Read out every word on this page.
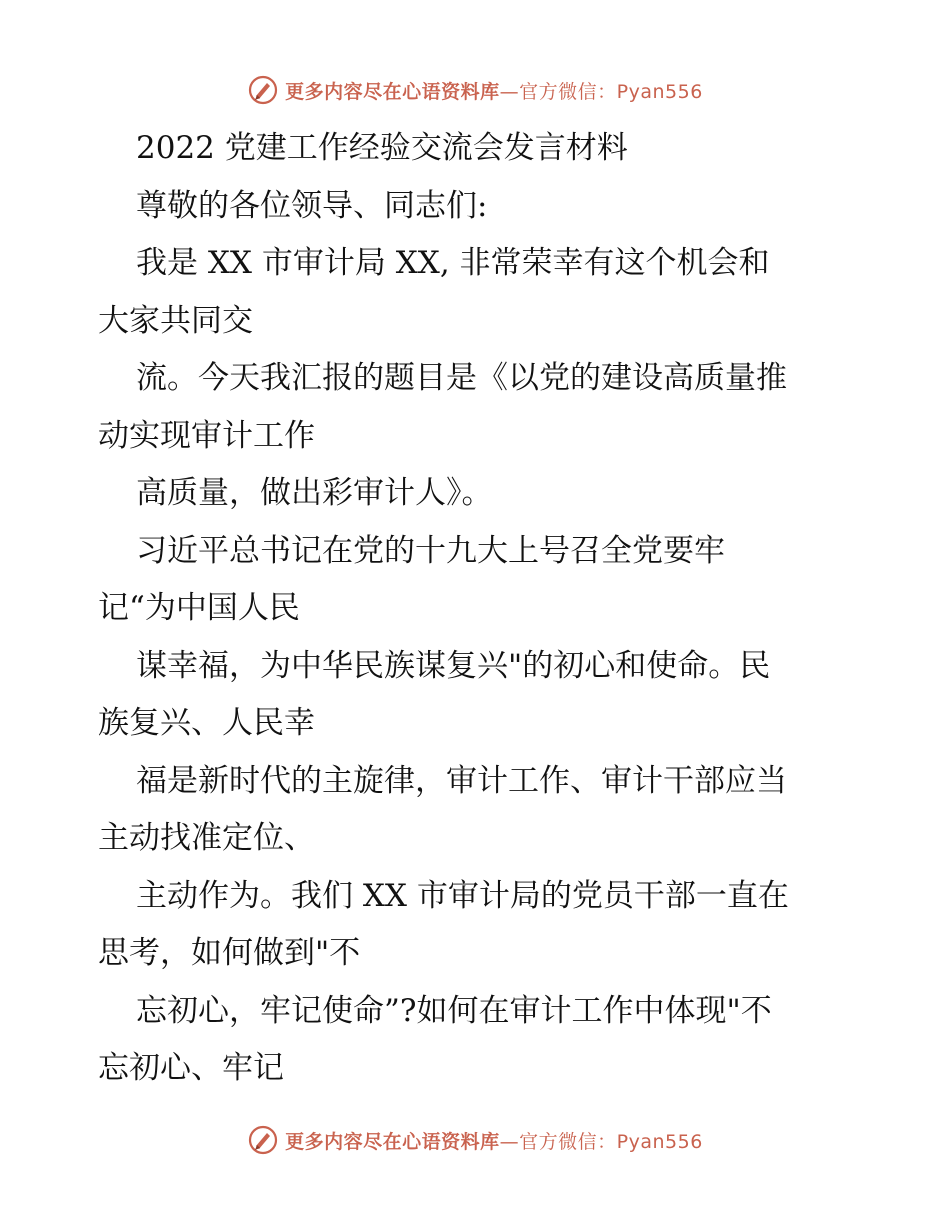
更多内容尽在心语资料库—官方微信：Pyan556
2022 党建工作经验交流会发言材料
尊敬的各位领导、同志们:
我是 XX 市审计局 XX, 非常荣幸有这个机会和
大家共同交
流。今天我汇报的题目是《以党的建设高质量推
动实现审计工作
高质量，做出彩审计人》。
习近平总书记在党的十九大上号召全党要牢
记“为中国人民
谋幸福，为中华民族谋复兴"的初心和使命。民
族复兴、人民幸
福是新时代的主旋律，审计工作、审计干部应当
主动找准定位、
主动作为。我们 XX 市审计局的党员干部一直在
思考，如何做到"不
忘初心，牢记使命”?如何在审计工作中体现"不
忘初心、牢记
更多内容尽在心语资料库—官方微信：Pyan556
